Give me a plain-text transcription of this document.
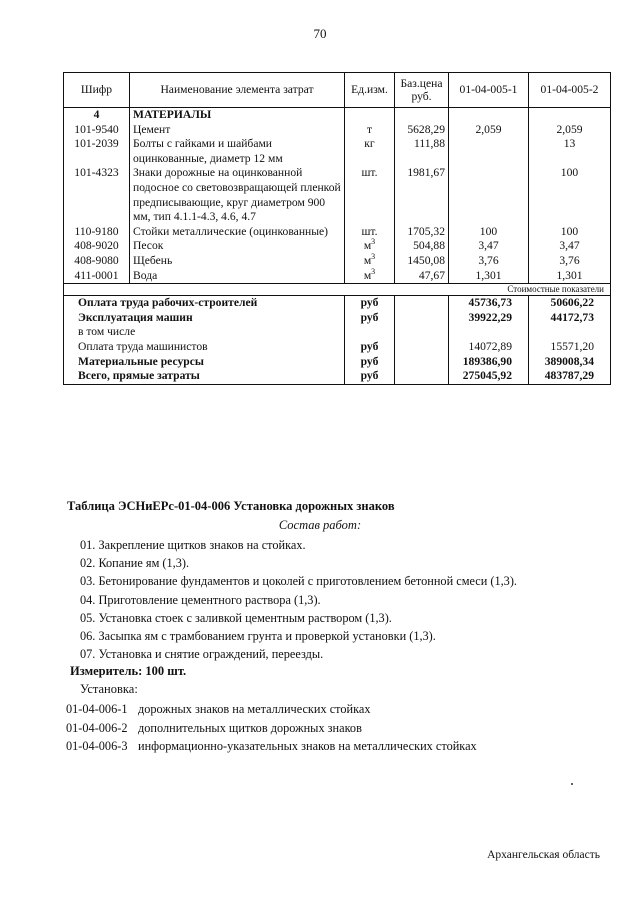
70
Шифр	Наименование элемента затрат	Ед.изм.	Баз.цена руб.	01-04-005-1	01-04-005-2
4	МАТЕРИАЛЫ				
101-9540	Цемент	т	5628,29	2,059	2,059
101-2039	Болты с гайками и шайбами оцинкованные, диаметр 12 мм	кг	111,88		13
101-4323	Знаки дорожные на оцинкованной подосное со световозвращающей пленкой предписывающие, круг диаметром 900 мм, тип 4.1.1-4.3, 4.6, 4.7	шт.	1981,67		100
110-9180	Стойки металлические (оцинкованные)	шт.	1705,32	100	100
408-9020	Песок	$м^3$	504,88	3,47	3,47
408-9080	Щебень	$м^3$	1450,08	3,76	3,76
411-0001	Вода	$м^3$	47,67	1,301	1,301
Стоимостные показатели					
Оплата труда рабочих-строителей		руб		45736,73	50606,22
Эксплуатация машин		руб		39922,29	44172,73
в том числе					
Оплата труда машинистов		руб		14072,89	15571,20
Материальные ресурсы		руб		189386,90	389008,34
Всего, прямые затраты		руб		275045,92	483787,29
Таблица ЭСНиЕРс-01-04-006 Установка дорожных знаков
Состав работ:
01. Закрепление щитков знаков на стойках.
02. Копание ям (1,3).
03. Бетонирование фундаментов и цоколей с приготовлением бетонной смеси (1,3).
04. Приготовление цементного раствора (1,3).
05. Установка стоек с заливкой цементным раствором (1,3).
06. Засыпка ям с трамбованием грунта и проверкой установки (1,3).
07. Установка и снятие ограждений, переезды.
Измеритель: 100 шт.
Установка:
01-04-006-1 дорожных знаков на металлических стойках
01-04-006-2 дополнительных щитков дорожных знаков
01-04-006-3 информационно-указательных знаков на металлических стойках
Архангельская область
